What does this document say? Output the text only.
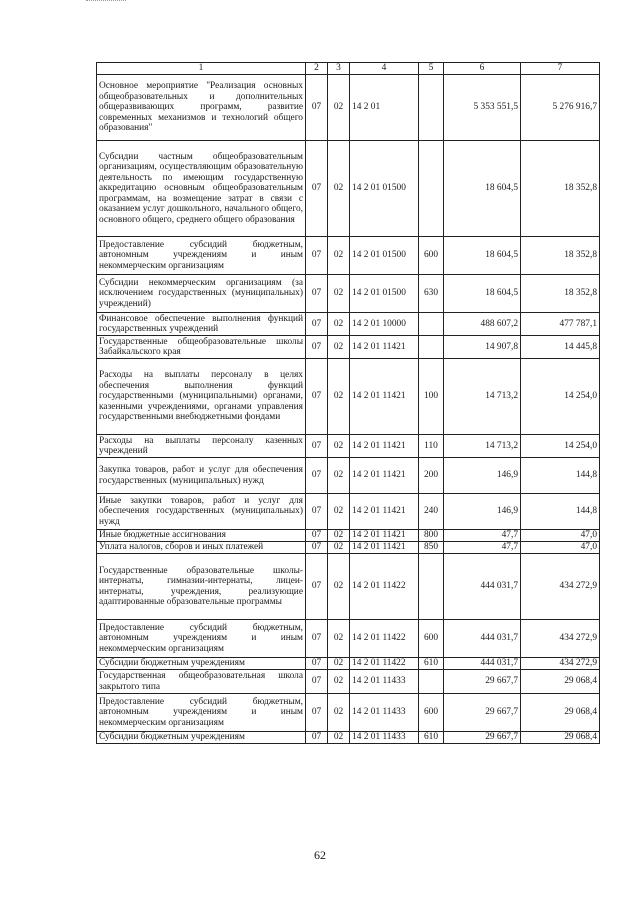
1	2	3	4	5	6	7
Основное мероприятие "Реализация основных общеобразовательных и дополнительных общеразвивающих программ, развитие современных механизмов и технологий общего образования"	07	02	14 2 01		5 353 551,5	5 276 916,7
Субсидии частным общеобразовательным организациям, осуществляющим образовательную деятельность по имеющим государственную аккредитацию основным общеобразовательным программам, на возмещение затрат в связи с оказанием услуг дошкольного, начального общего, основного общего, среднего общего образования	07	02	14 2 01 01500		18 604,5	18 352,8
Предоставление субсидий бюджетным, автономным учреждениям и иным некоммерческим организациям	07	02	14 2 01 01500	600	18 604,5	18 352,8
Субсидии некоммерческим организациям (за исключением государственных (муниципальных) учреждений)	07	02	14 2 01 01500	630	18 604,5	18 352,8
Финансовое обеспечение выполнения функций государственных учреждений	07	02	14 2 01 10000		488 607,2	477 787,1
Государственные общеобразовательные школы Забайкальского края	07	02	14 2 01 11421		14 907,8	14 445,8
Расходы на выплаты персоналу в целях обеспечения выполнения функций государственными (муниципальными) органами, казенными учреждениями, органами управления государственными внебюджетными фондами	07	02	14 2 01 11421	100	14 713,2	14 254,0
Расходы на выплаты персоналу казенных учреждений	07	02	14 2 01 11421	110	14 713,2	14 254,0
Закупка товаров, работ и услуг для обеспечения государственных (муниципальных) нужд	07	02	14 2 01 11421	200	146,9	144,8
Иные закупки товаров, работ и услуг для обеспечения государственных (муниципальных) нужд	07	02	14 2 01 11421	240	146,9	144,8
Иные бюджетные ассигнования	07	02	14 2 01 11421	800	47,7	47,0
Уплата налогов, сборов и иных платежей	07	02	14 2 01 11421	850	47,7	47,0
Государственные образовательные школы-интернаты, гимназии-интернаты, лицеи-интернаты, учреждения, реализующие адаптированные образовательные программы	07	02	14 2 01 11422		444 031,7	434 272,9
Предоставление субсидий бюджетным, автономным учреждениям и иным некоммерческим организациям	07	02	14 2 01 11422	600	444 031,7	434 272,9
Субсидии бюджетным учреждениям	07	02	14 2 01 11422	610	444 031,7	434 272,9
Государственная общеобразовательная школа закрытого типа	07	02	14 2 01 11433		29 667,7	29 068,4
Предоставление субсидий бюджетным, автономным учреждениям и иным некоммерческим организациям	07	02	14 2 01 11433	600	29 667,7	29 068,4
Субсидии бюджетным учреждениям	07	02	14 2 01 11433	610	29 667,7	29 068,4
62
